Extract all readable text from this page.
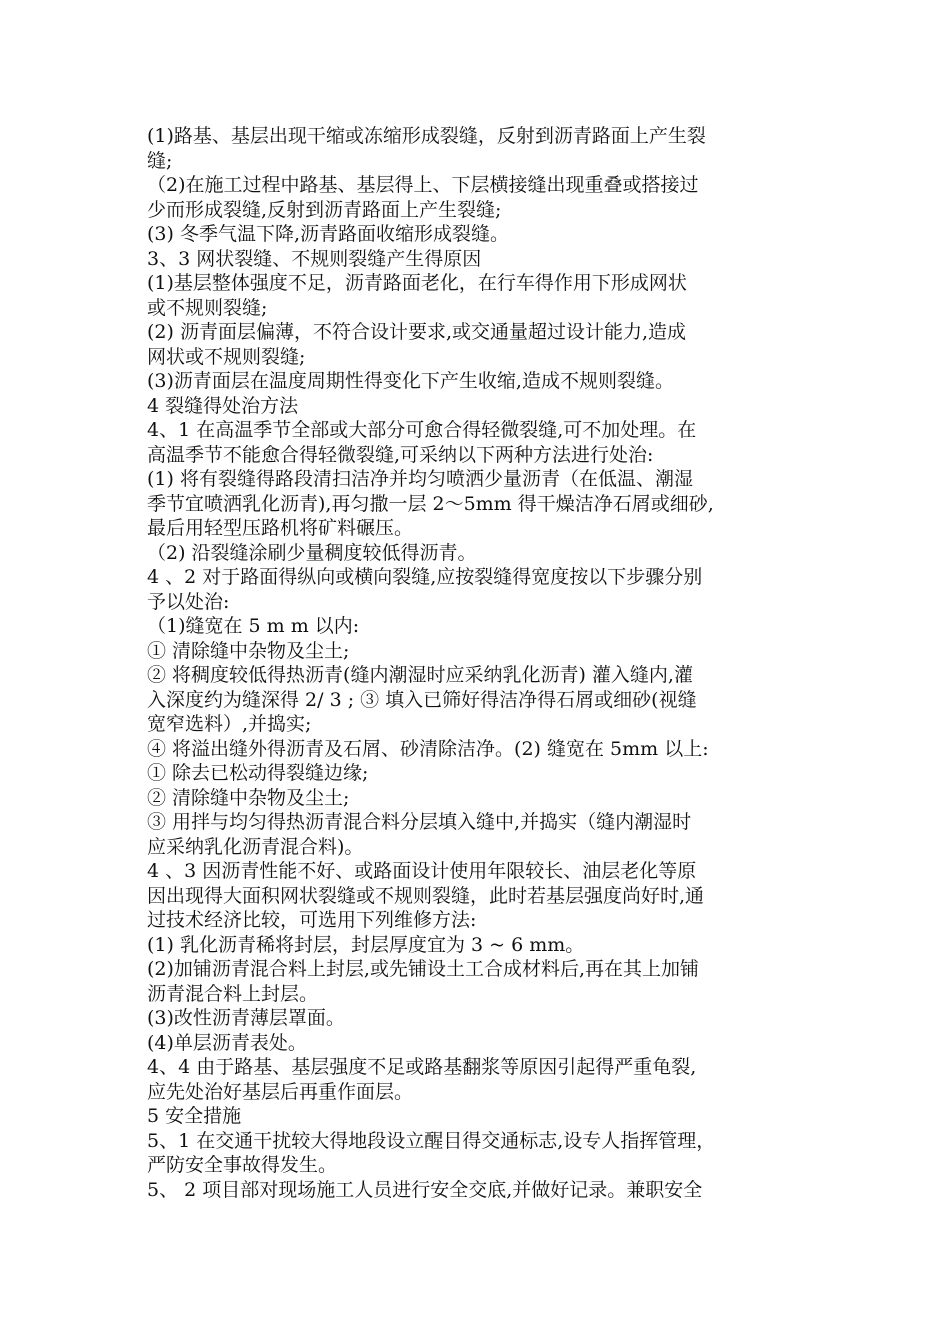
(1)路基、基层出现干缩或冻缩形成裂缝，反射到沥青路面上产生裂
缝;
（2)在施工过程中路基、基层得上、下层横接缝出现重叠或搭接过
少而形成裂缝,反射到沥青路面上产生裂缝;
(3) 冬季气温下降,沥青路面收缩形成裂缝。
3、3 网状裂缝、不规则裂缝产生得原因
(1)基层整体强度不足，沥青路面老化，在行车得作用下形成网状
或不规则裂缝;
(2) 沥青面层偏薄，不符合设计要求,或交通量超过设计能力,造成
网状或不规则裂缝;
(3)沥青面层在温度周期性得变化下产生收缩,造成不规则裂缝。
4 裂缝得处治方法
4、1 在高温季节全部或大部分可愈合得轻微裂缝,可不加处理。在
高温季节不能愈合得轻微裂缝,可采纳以下两种方法进行处治:
(1) 将有裂缝得路段清扫洁净并均匀喷洒少量沥青（在低温、潮湿
季节宜喷洒乳化沥青),再匀撒一层 2～5mm 得干燥洁净石屑或细砂,
最后用轻型压路机将矿料碾压。
（2) 沿裂缝涂刷少量稠度较低得沥青。
4 、2 对于路面得纵向或横向裂缝,应按裂缝得宽度按以下步骤分别
予以处治:
（1)缝宽在 5 m m 以内:
① 清除缝中杂物及尘土;
② 将稠度较低得热沥青(缝内潮湿时应采纳乳化沥青) 灌入缝内,灌
入深度约为缝深得 2/ 3 ; ③ 填入已筛好得洁净得石屑或细砂(视缝
宽窄选料）,并捣实;
④ 将溢出缝外得沥青及石屑、砂清除洁净。(2) 缝宽在 5mm 以上:
① 除去已松动得裂缝边缘;
② 清除缝中杂物及尘土;
③ 用拌与均匀得热沥青混合料分层填入缝中,并捣实（缝内潮湿时
应采纳乳化沥青混合料)。
4 、3 因沥青性能不好、或路面设计使用年限较长、油层老化等原
因出现得大面积网状裂缝或不规则裂缝，此时若基层强度尚好时,通
过技术经济比较，可选用下列维修方法:
(1) 乳化沥青稀将封层，封层厚度宜为 3 ~ 6 mm。
(2)加铺沥青混合料上封层,或先铺设土工合成材料后,再在其上加铺
沥青混合料上封层。
(3)改性沥青薄层罩面。
(4)单层沥青表处。
4、4 由于路基、基层强度不足或路基翻浆等原因引起得严重龟裂,
应先处治好基层后再重作面层。
5 安全措施
5、1 在交通干扰较大得地段设立醒目得交通标志,设专人指挥管理，
严防安全事故得发生。
5、 2 项目部对现场施工人员进行安全交底,并做好记录。兼职安全
